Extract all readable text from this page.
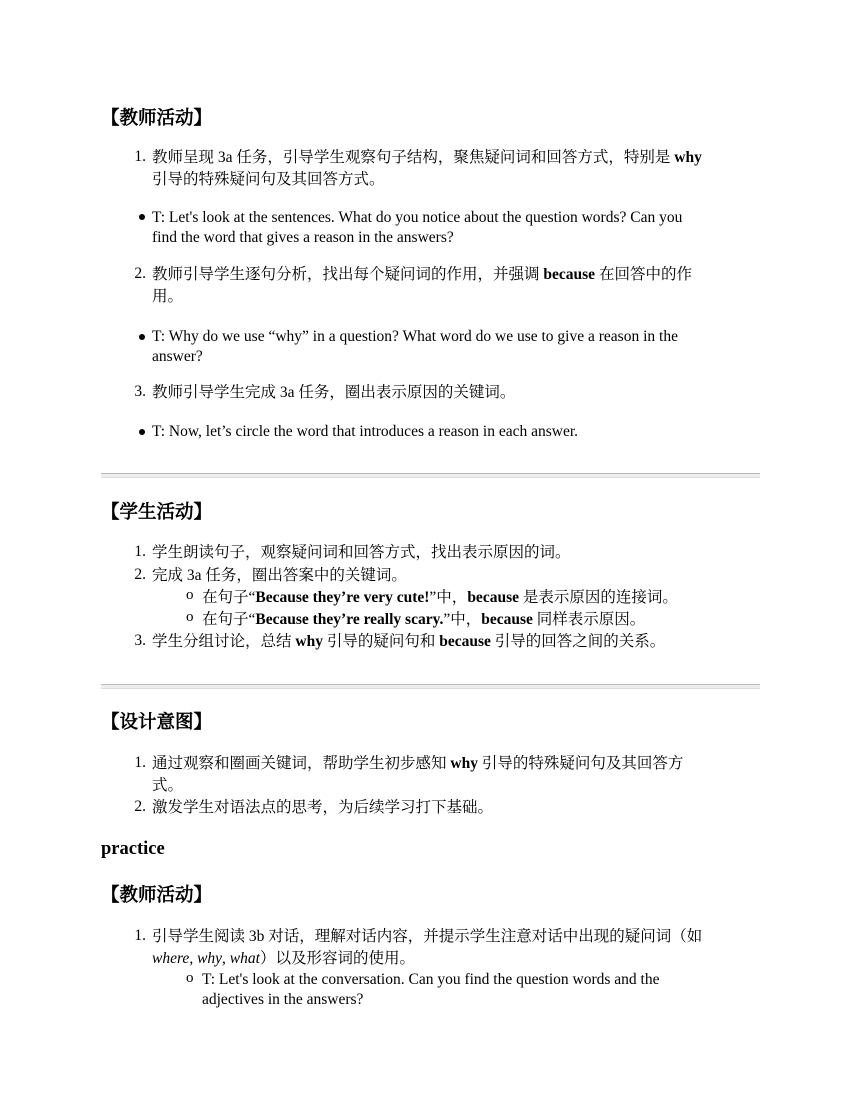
【教师活动】
1. 教师呈现 3a 任务，引导学生观察句子结构，聚焦疑问词和回答方式，特别是 why
引导的特殊疑问句及其回答方式。
T: Let's look at the sentences. What do you notice about the question words? Can you
find the word that gives a reason in the answers?
2. 教师引导学生逐句分析，找出每个疑问词的作用，并强调 because 在回答中的作
用。
T: Why do we use “why” in a question? What word do we use to give a reason in the
answer?
3. 教师引导学生完成 3a 任务，圈出表示原因的关键词。
T: Now, let’s circle the word that introduces a reason in each answer.
【学生活动】
1. 学生朗读句子，观察疑问词和回答方式，找出表示原因的词。
2. 完成 3a 任务，圈出答案中的关键词。
o 在句子“Because they’re very cute!”中，because 是表示原因的连接词。
o 在句子“Because they’re really scary.”中，because 同样表示原因。
3. 学生分组讨论，总结 why 引导的疑问句和 because 引导的回答之间的关系。
【设计意图】
1. 通过观察和圈画关键词，帮助学生初步感知 why 引导的特殊疑问句及其回答方
式。
2. 激发学生对语法点的思考，为后续学习打下基础。
practice
【教师活动】
1. 引导学生阅读 3b 对话，理解对话内容，并提示学生注意对话中出现的疑问词（如
where, why, what）以及形容词的使用。
o T: Let's look at the conversation. Can you find the question words and the
adjectives in the answers?
